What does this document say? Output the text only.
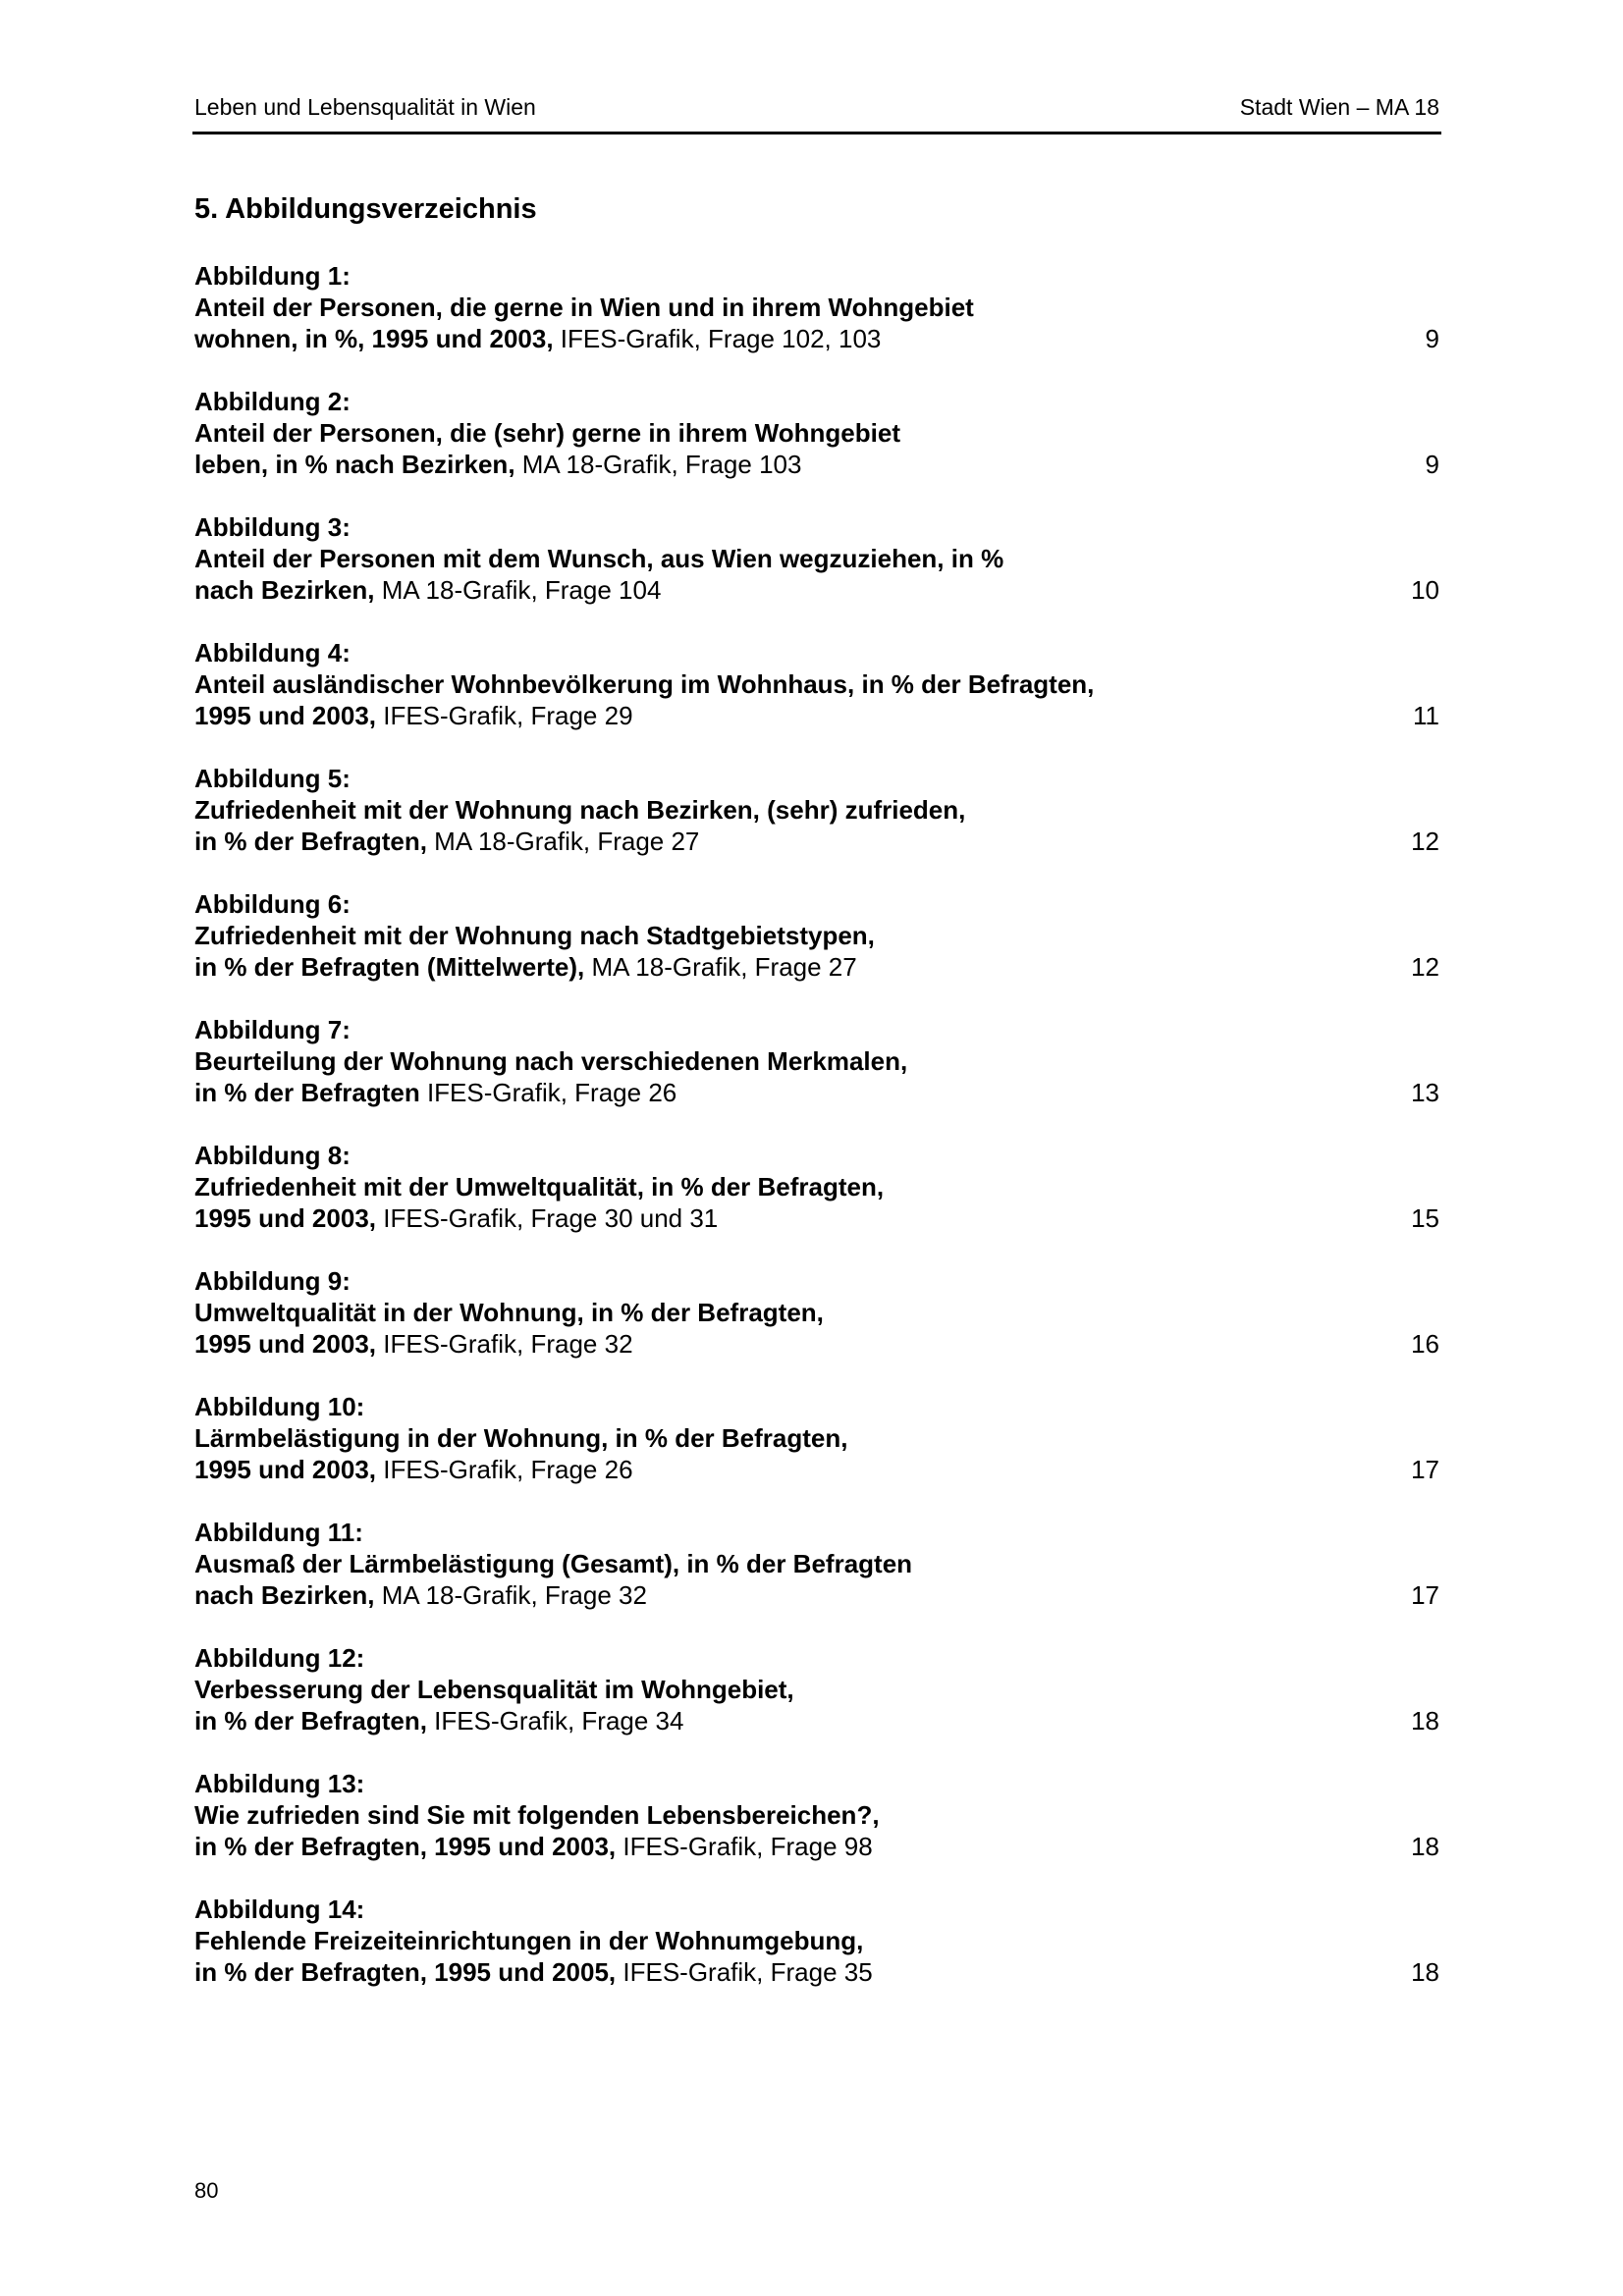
Leben und Lebensqualität in Wien	Stadt Wien – MA 18
5. Abbildungsverzeichnis
Abbildung 1:
Anteil der Personen, die gerne in Wien und in ihrem Wohngebiet
wohnen, in %, 1995 und 2003, IFES-Grafik, Frage 102, 103	9
Abbildung 2:
Anteil der Personen, die (sehr) gerne in ihrem Wohngebiet
leben, in % nach Bezirken, MA 18-Grafik, Frage 103	9
Abbildung 3:
Anteil der Personen mit dem Wunsch, aus Wien wegzuziehen, in %
nach Bezirken, MA 18-Grafik, Frage 104	10
Abbildung 4:
Anteil ausländischer Wohnbevölkerung im Wohnhaus, in % der Befragten,
1995 und 2003, IFES-Grafik, Frage 29	11
Abbildung 5:
Zufriedenheit mit der Wohnung nach Bezirken, (sehr) zufrieden,
in % der Befragten, MA 18-Grafik, Frage 27	12
Abbildung 6:
Zufriedenheit mit der Wohnung nach Stadtgebietstypen,
in % der Befragten (Mittelwerte), MA 18-Grafik, Frage 27	12
Abbildung 7:
Beurteilung der Wohnung nach verschiedenen Merkmalen,
in % der Befragten IFES-Grafik, Frage 26	13
Abbildung 8:
Zufriedenheit mit der Umweltqualität, in % der Befragten,
1995 und 2003, IFES-Grafik, Frage 30 und 31	15
Abbildung 9:
Umweltqualität in der Wohnung, in % der Befragten,
1995 und 2003, IFES-Grafik, Frage 32	16
Abbildung 10:
Lärmbelästigung in der Wohnung, in % der Befragten,
1995 und 2003, IFES-Grafik, Frage 26	17
Abbildung 11:
Ausmaß der Lärmbelästigung (Gesamt), in % der Befragten
nach Bezirken, MA 18-Grafik, Frage 32	17
Abbildung 12:
Verbesserung der Lebensqualität im Wohngebiet,
in % der Befragten, IFES-Grafik, Frage 34	18
Abbildung 13:
Wie zufrieden sind Sie mit folgenden Lebensbereichen?,
in % der Befragten, 1995 und 2003, IFES-Grafik, Frage 98	18
Abbildung 14:
Fehlende Freizeiteinrichtungen in der Wohnumgebung,
in % der Befragten, 1995 und 2005, IFES-Grafik, Frage 35	18
80
